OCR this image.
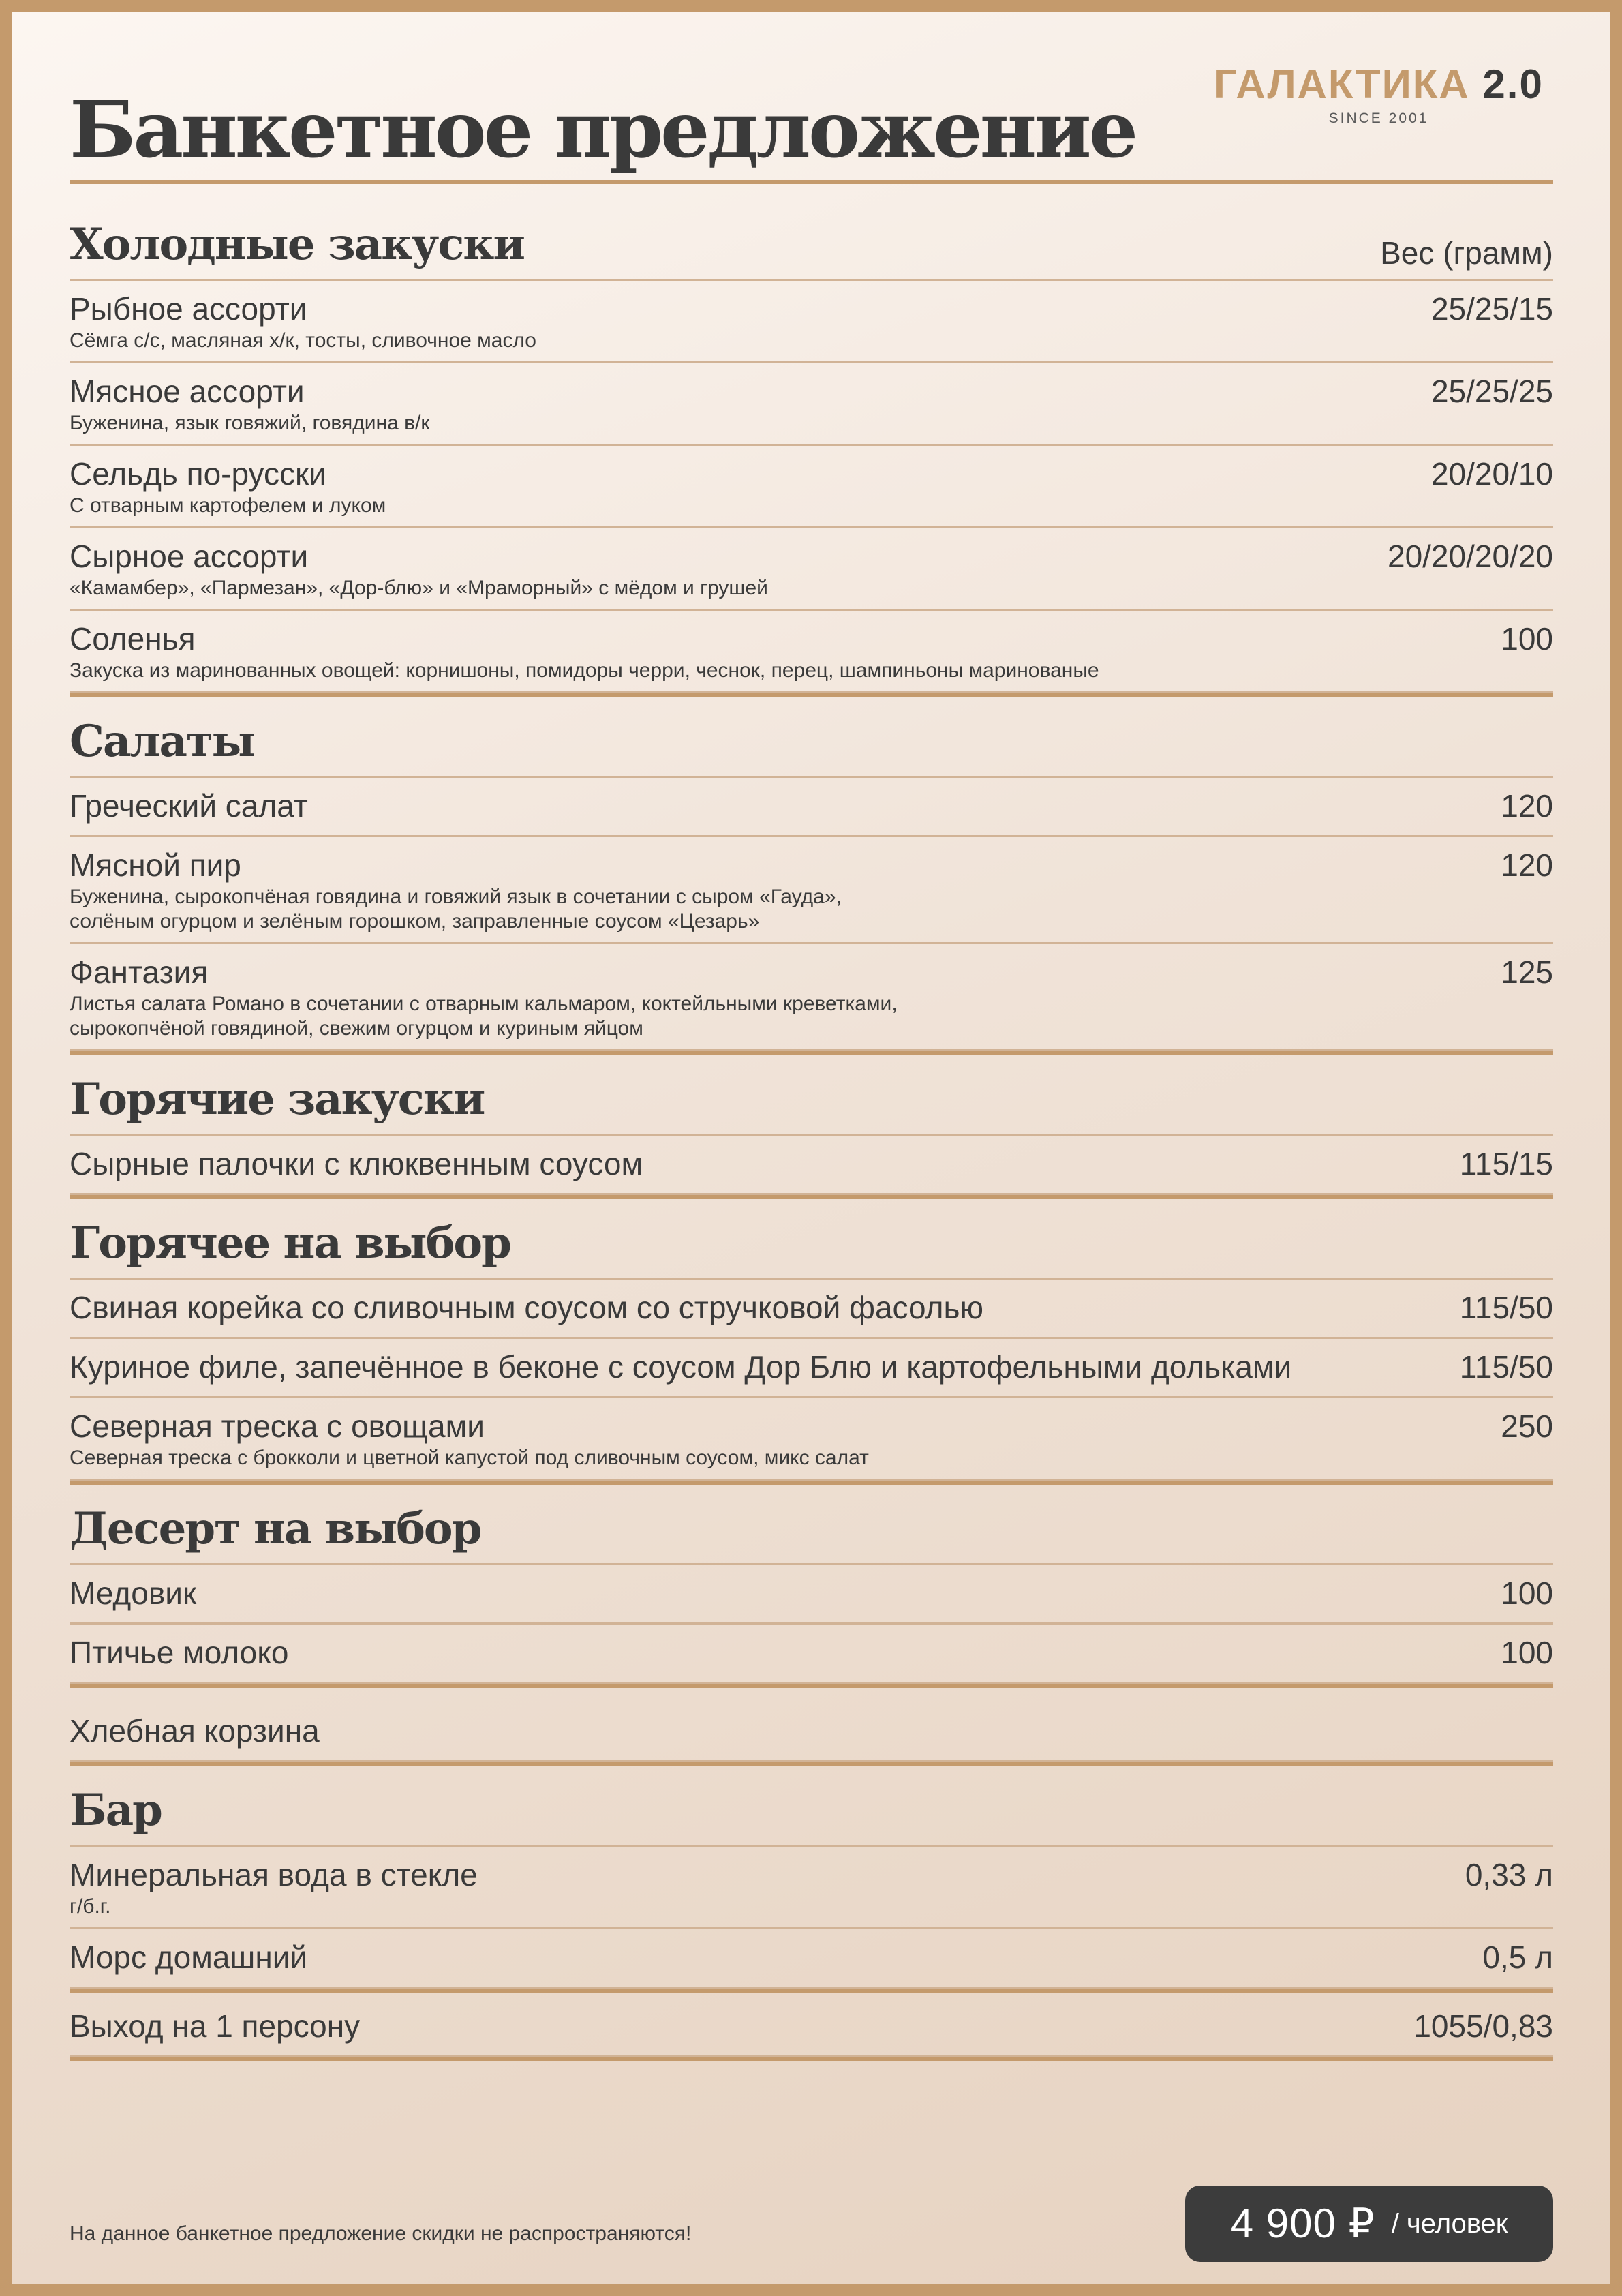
ГАЛАКТИКА 2.0
SINCE 2001
Банкетное предложение
Холодные закуски	Вес (грамм)
Рыбное ассорти	25/25/15
Сёмга с/с, масляная х/к, тосты, сливочное масло
Мясное ассорти	25/25/25
Буженина, язык говяжий, говядина в/к
Сельдь по-русски	20/20/10
С отварным картофелем и луком
Сырное ассорти	20/20/20/20
«Камамбер», «Пармезан», «Дор-блю» и «Мраморный» с мёдом и грушей
Соленья	100
Закуска из маринованных овощей: корнишоны, помидоры черри, чеснок, перец, шампиньоны маринованые
Салаты
Греческий салат	120
Мясной пир	120
Буженина, сырокопчёная говядина и говяжий язык в сочетании с сыром «Гауда»,
солёным огурцом и зелёным горошком, заправленные соусом «Цезарь»
Фантазия	125
Листья салата Романо в сочетании с отварным кальмаром, коктейльными креветками,
сырокопчёной говядиной, свежим огурцом и куриным яйцом
Горячие закуски
Сырные палочки с клюквенным соусом	115/15
Горячее на выбор
Свиная корейка со сливочным соусом со стручковой фасолью	115/50
Куриное филе, запечённое в беконе с соусом Дор Блю и картофельными дольками	115/50
Северная треска с овощами	250
Северная треска с брокколи и цветной капустой под сливочным соусом, микс салат
Десерт на выбор
Медовик	100
Птичье молоко	100
Хлебная корзина
Бар
Минеральная вода в стекле	0,33 л
г/б.г.
Морс домашний	0,5 л
Выход на 1 персону	1055/0,83
На данное банкетное предложение скидки не распространяются!	4 900 ₽ / человек
